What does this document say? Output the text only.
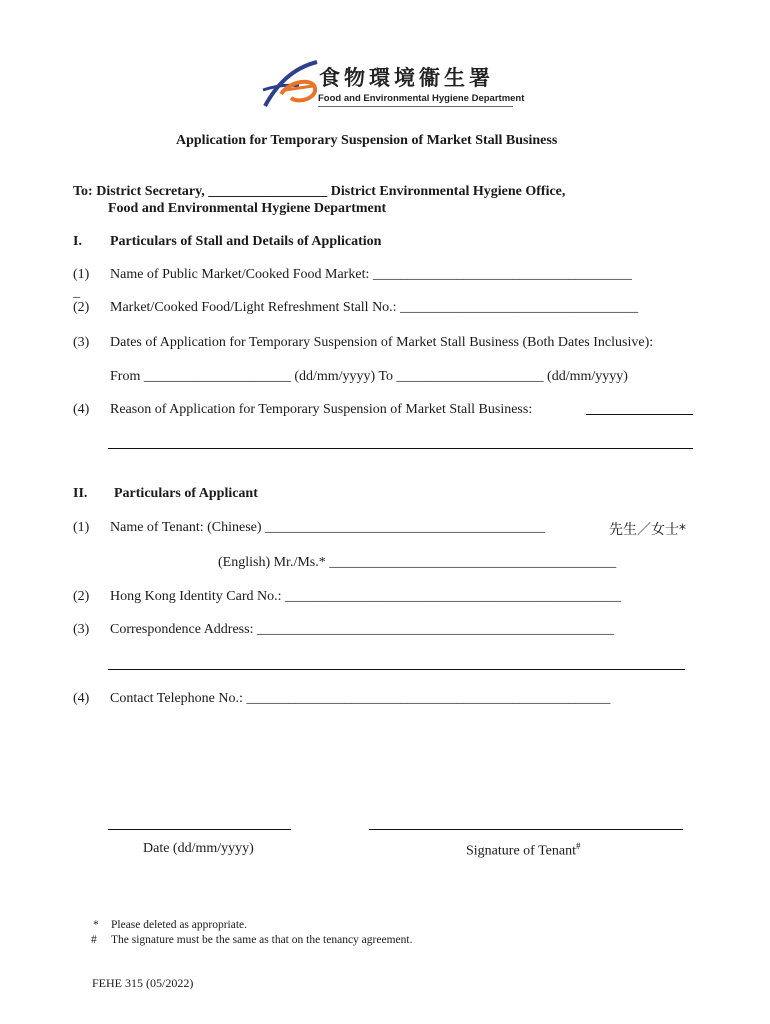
食物環境衞生署
Food and Environmental Hygiene Department
Application for Temporary Suspension of Market Stall Business
To: District Secretary, _________________ District Environmental Hygiene Office,
Food and Environmental Hygiene Department
I. Particulars of Stall and Details of Application
(1) Name of Public Market/Cooked Food Market: _____________________________________
_
(2) Market/Cooked Food/Light Refreshment Stall No.: __________________________________
(3) Dates of Application for Temporary Suspension of Market Stall Business (Both Dates Inclusive):
From _____________________ (dd/mm/yyyy) To _____________________ (dd/mm/yyyy)
(4) Reason of Application for Temporary Suspension of Market Stall Business:
II. Particulars of Applicant
(1) Name of Tenant: (Chinese) ________________________________________	先生／女士*
(English) Mr./Ms.* _________________________________________
(2) Hong Kong Identity Card No.: ________________________________________________
(3) Correspondence Address: ___________________________________________________
(4) Contact Telephone No.: ____________________________________________________
Date (dd/mm/yyyy)	Signature of Tenant#
* Please deleted as appropriate.
# The signature must be the same as that on the tenancy agreement.
FEHE 315 (05/2022)
